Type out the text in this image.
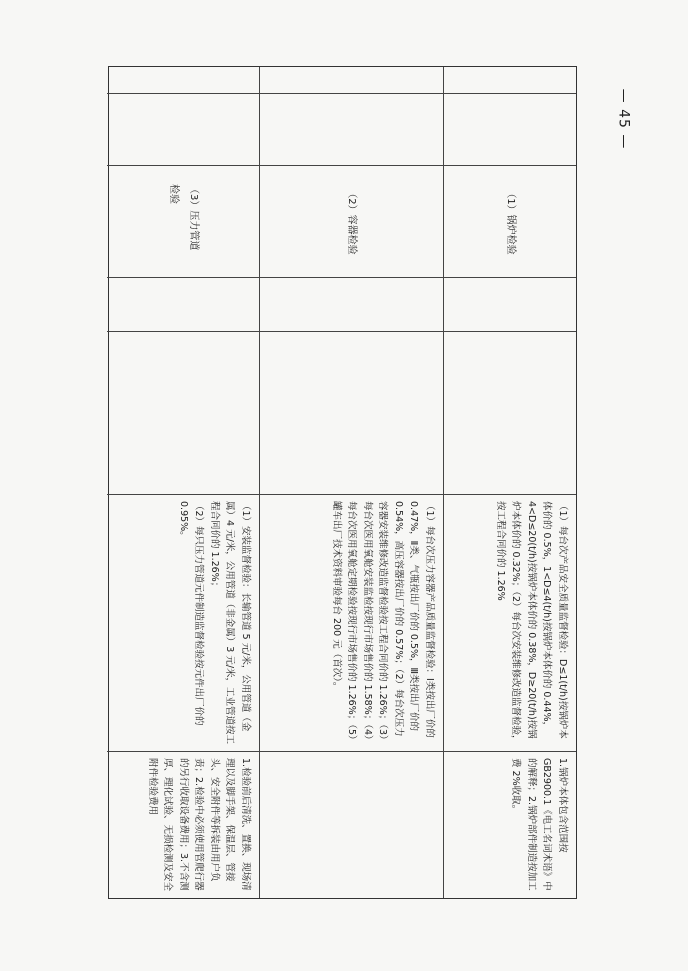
— 45 —
（1）锅炉检验

（1）每台次产品安全质量监督检验：D≤1(t/h)按锅炉本体价的 0.5%，1<D≤4(t/h)按锅炉本体价的 0.44%，4<D≤20(t/h)按锅炉本体价的 0.38%，D≥20(t/h)按锅炉本体价的 0.32%；（2）每台次安装维修改造监督检验，按工程合同价的 1.26%

1.锅炉本体包含范围按 GB2900.1《电工名词术语》中的解释；2.锅炉部件制造按加工费 2%收取。

（2）容器检验

（1）每台次压力容器产品质量监督检验：Ⅰ类按出厂价的 0.47%，Ⅱ类、气瓶按出厂价的 0.5%，Ⅲ类按出厂价的 0.54%，高压容器按出厂价的 0.57%；（2）每台次压力容器安装维修改造监督检验按工程合同价的 1.26%；（3）每台次医用氧舱安装监检按现行市场售价的 1.58%；（4）每台次医用氧舱定期检验按现行市场售价的 1.26%；（5）罐车出厂技术资料审验每台 200 元（首次）。

（3）压力管道检验

（1）安装监督检验：长输管道 5 元/米，公用管道（金属）4 元/米，公用管道（非金属）3 元/米，工业管道按工程合同价的 1.26%；

（2）每只压力管道元件制造监督检验按元件出厂价的 0.95%。

1.检验前后清洗、置换、现场清理以及脚手架、保温层、管接头、安全附件等拆装由用户负责；2.检验中必须使用管爬行器的另行收取设备费用；3.不含测厚、理化试验、无损检测及安全附件检验费用
